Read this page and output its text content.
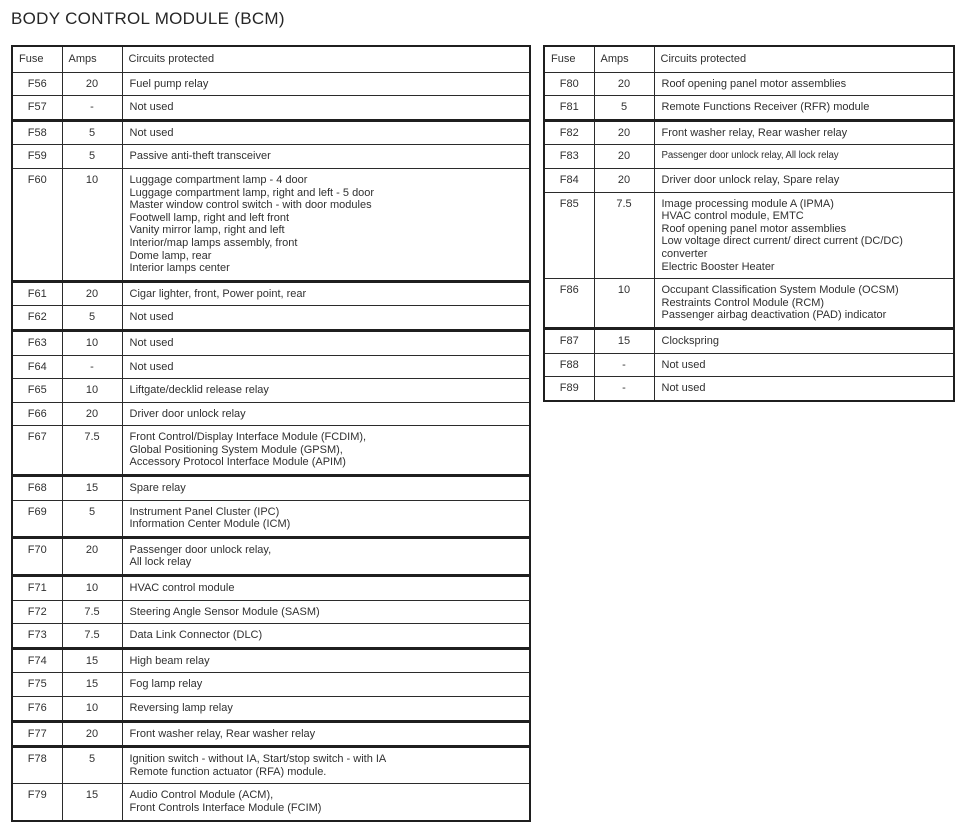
BODY CONTROL MODULE (BCM)
Fuse	Amps	Circuits protected
F56	20	Fuel pump relay

F57	-	Not used

F58	5	Not used

F59	5	Passive anti-theft transceiver

F60	10	Luggage compartment lamp - 4 door
Luggage compartment lamp, right and left - 5 door
Master window control switch - with door modules
Footwell lamp, right and left front
Vanity mirror lamp, right and left
Interior/map lamps assembly, front
Dome lamp, rear
Interior lamps center

F61	20	Cigar lighter, front, Power point, rear

F62	5	Not used

F63	10	Not used

F64	-	Not used

F65	10	Liftgate/decklid release relay

F66	20	Driver door unlock relay

F67	7.5	Front Control/Display Interface Module (FCDIM),
Global Positioning System Module (GPSM),
Accessory Protocol Interface Module (APIM)

F68	15	Spare relay

F69	5	Instrument Panel Cluster (IPC)
Information Center Module (ICM)

F70	20	Passenger door unlock relay,
All lock relay

F71	10	HVAC control module

F72	7.5	Steering Angle Sensor Module (SASM)

F73	7.5	Data Link Connector (DLC)

F74	15	High beam relay

F75	15	Fog lamp relay

F76	10	Reversing lamp relay

F77	20	Front washer relay, Rear washer relay

F78	5	Ignition switch - without IA, Start/stop switch - with IA
Remote function actuator (RFA) module.

F79	15	Audio Control Module (ACM),
Front Controls Interface Module (FCIM)
Fuse	Amps	Circuits protected
F80	20	Roof opening panel motor assemblies

F81	5	Remote Functions Receiver (RFR) module

F82	20	Front washer relay, Rear washer relay

F83	20	Passenger door unlock relay, All lock relay

F84	20	Driver door unlock relay, Spare relay

F85	7.5	Image processing module A (IPMA)
HVAC control module, EMTC
Roof opening panel motor assemblies
Low voltage direct current/ direct current (DC/DC) converter
Electric Booster Heater

F86	10	Occupant Classification System Module (OCSM)
Restraints Control Module (RCM)
Passenger airbag deactivation (PAD) indicator

F87	15	Clockspring

F88	-	Not used

F89	-	Not used
